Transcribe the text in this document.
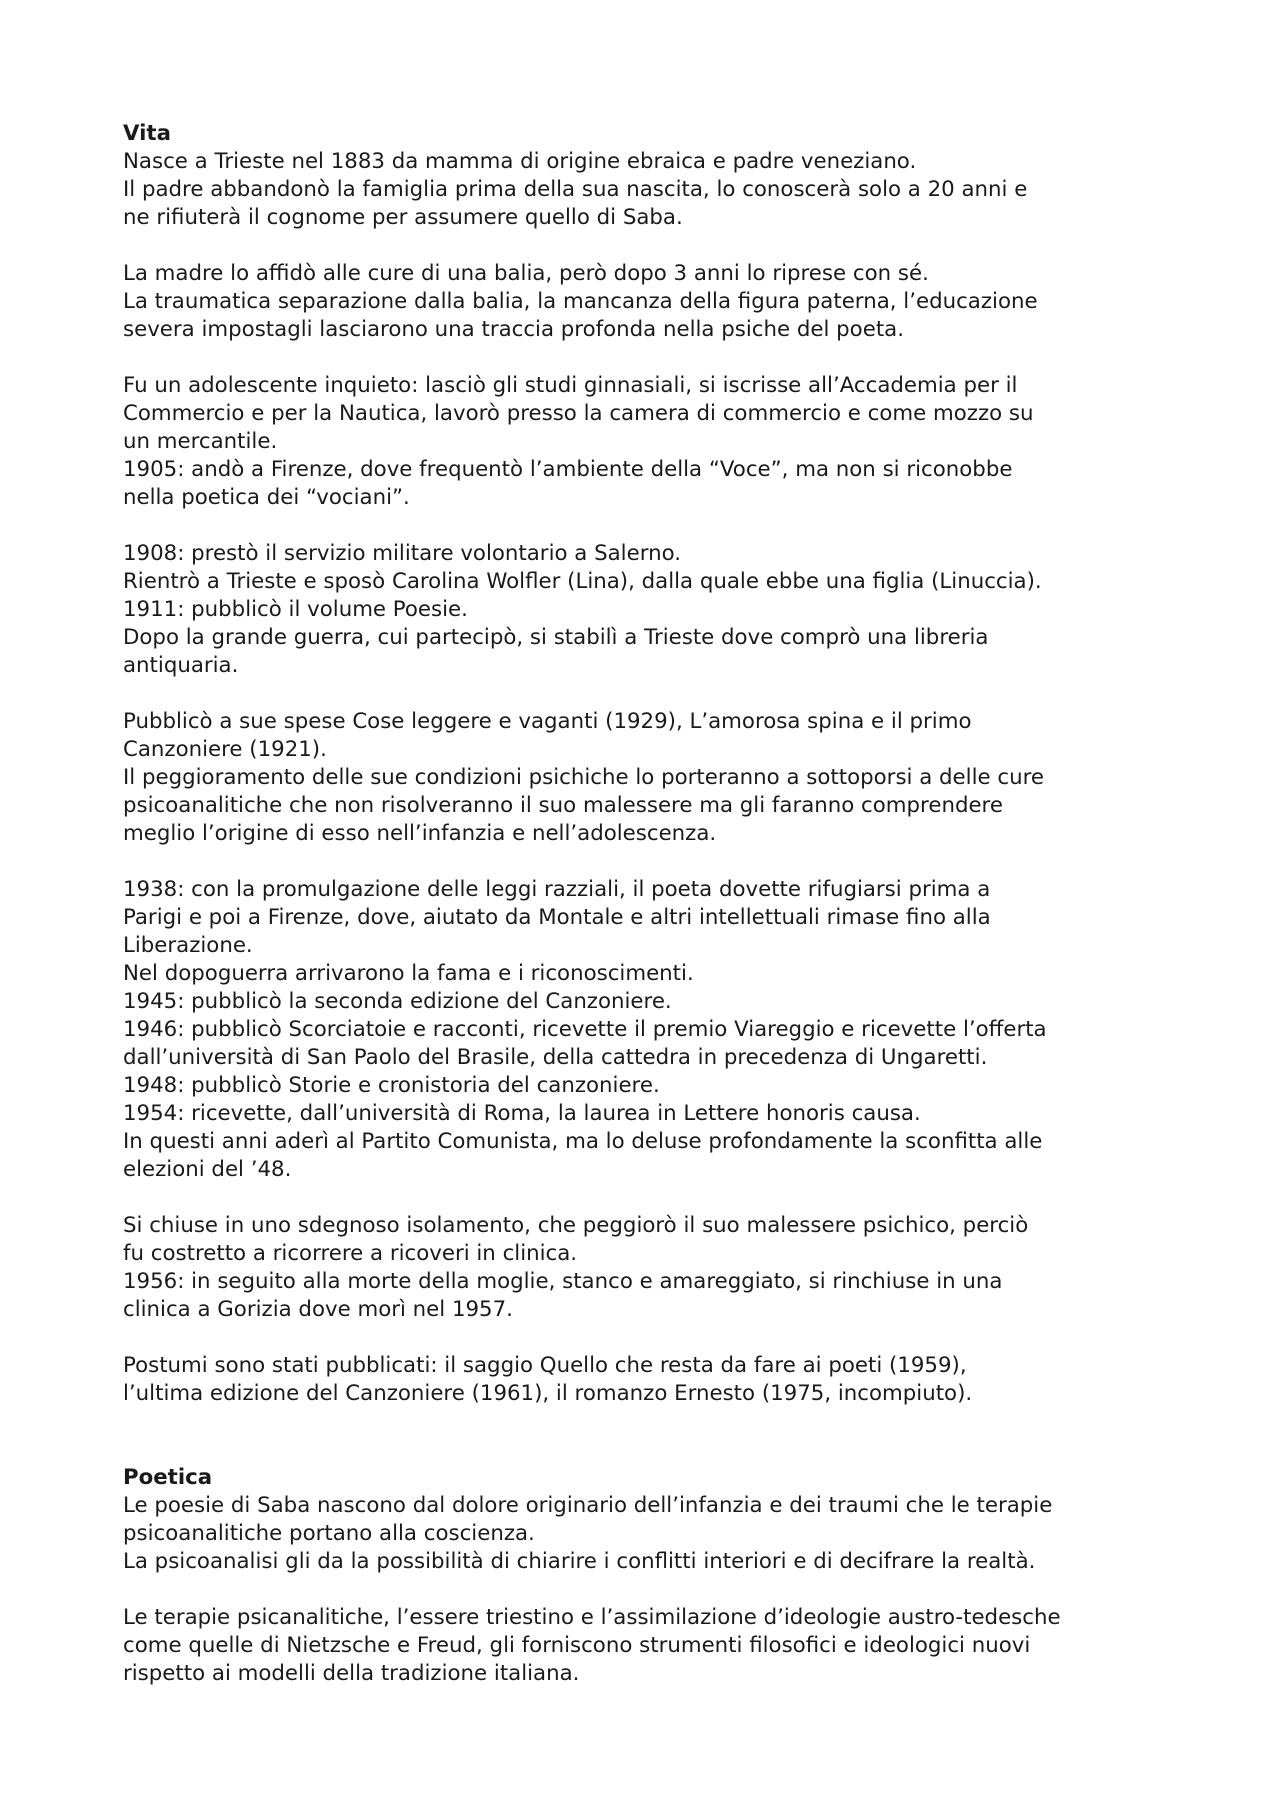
Vita

Nasce a Trieste nel 1883 da mamma di origine ebraica e padre veneziano.

Il padre abbandonò la famiglia prima della sua nascita, lo conoscerà solo a 20 anni e

ne rifiuterà il cognome per assumere quello di Saba.

La madre lo affidò alle cure di una balia, però dopo 3 anni lo riprese con sé.

La traumatica separazione dalla balia, la mancanza della figura paterna, l’educazione

severa impostagli lasciarono una traccia profonda nella psiche del poeta.

Fu un adolescente inquieto: lasciò gli studi ginnasiali, si iscrisse all’Accademia per il

Commercio e per la Nautica, lavorò presso la camera di commercio e come mozzo su

un mercantile.

1905: andò a Firenze, dove frequentò l’ambiente della “Voce”, ma non si riconobbe

nella poetica dei “vociani”.

1908: prestò il servizio militare volontario a Salerno.

Rientrò a Trieste e sposò Carolina Wolfler (Lina), dalla quale ebbe una figlia (Linuccia).

1911: pubblicò il volume Poesie.

Dopo la grande guerra, cui partecipò, si stabilì a Trieste dove comprò una libreria

antiquaria.

Pubblicò a sue spese Cose leggere e vaganti (1929), L’amorosa spina e il primo

Canzoniere (1921).

Il peggioramento delle sue condizioni psichiche lo porteranno a sottoporsi a delle cure

psicoanalitiche che non risolveranno il suo malessere ma gli faranno comprendere

meglio l’origine di esso nell’infanzia e nell’adolescenza.

1938: con la promulgazione delle leggi razziali, il poeta dovette rifugiarsi prima a

Parigi e poi a Firenze, dove, aiutato da Montale e altri intellettuali rimase fino alla

Liberazione.

Nel dopoguerra arrivarono la fama e i riconoscimenti.

1945: pubblicò la seconda edizione del Canzoniere.

1946: pubblicò Scorciatoie e racconti, ricevette il premio Viareggio e ricevette l’offerta

dall’università di San Paolo del Brasile, della cattedra in precedenza di Ungaretti.

1948: pubblicò Storie e cronistoria del canzoniere.

1954: ricevette, dall’università di Roma, la laurea in Lettere honoris causa.

In questi anni aderì al Partito Comunista, ma lo deluse profondamente la sconfitta alle

elezioni del ’48.

Si chiuse in uno sdegnoso isolamento, che peggiorò il suo malessere psichico, perciò

fu costretto a ricorrere a ricoveri in clinica.

1956: in seguito alla morte della moglie, stanco e amareggiato, si rinchiuse in una

clinica a Gorizia dove morì nel 1957.

Postumi sono stati pubblicati: il saggio Quello che resta da fare ai poeti (1959),

l’ultima edizione del Canzoniere (1961), il romanzo Ernesto (1975, incompiuto).

Poetica

Le poesie di Saba nascono dal dolore originario dell’infanzia e dei traumi che le terapie

psicoanalitiche portano alla coscienza.

La psicoanalisi gli da la possibilità di chiarire i conflitti interiori e di decifrare la realtà.

Le terapie psicanalitiche, l’essere triestino e l’assimilazione d’ideologie austro-tedesche

come quelle di Nietzsche e Freud, gli forniscono strumenti filosofici e ideologici nuovi

rispetto ai modelli della tradizione italiana.
